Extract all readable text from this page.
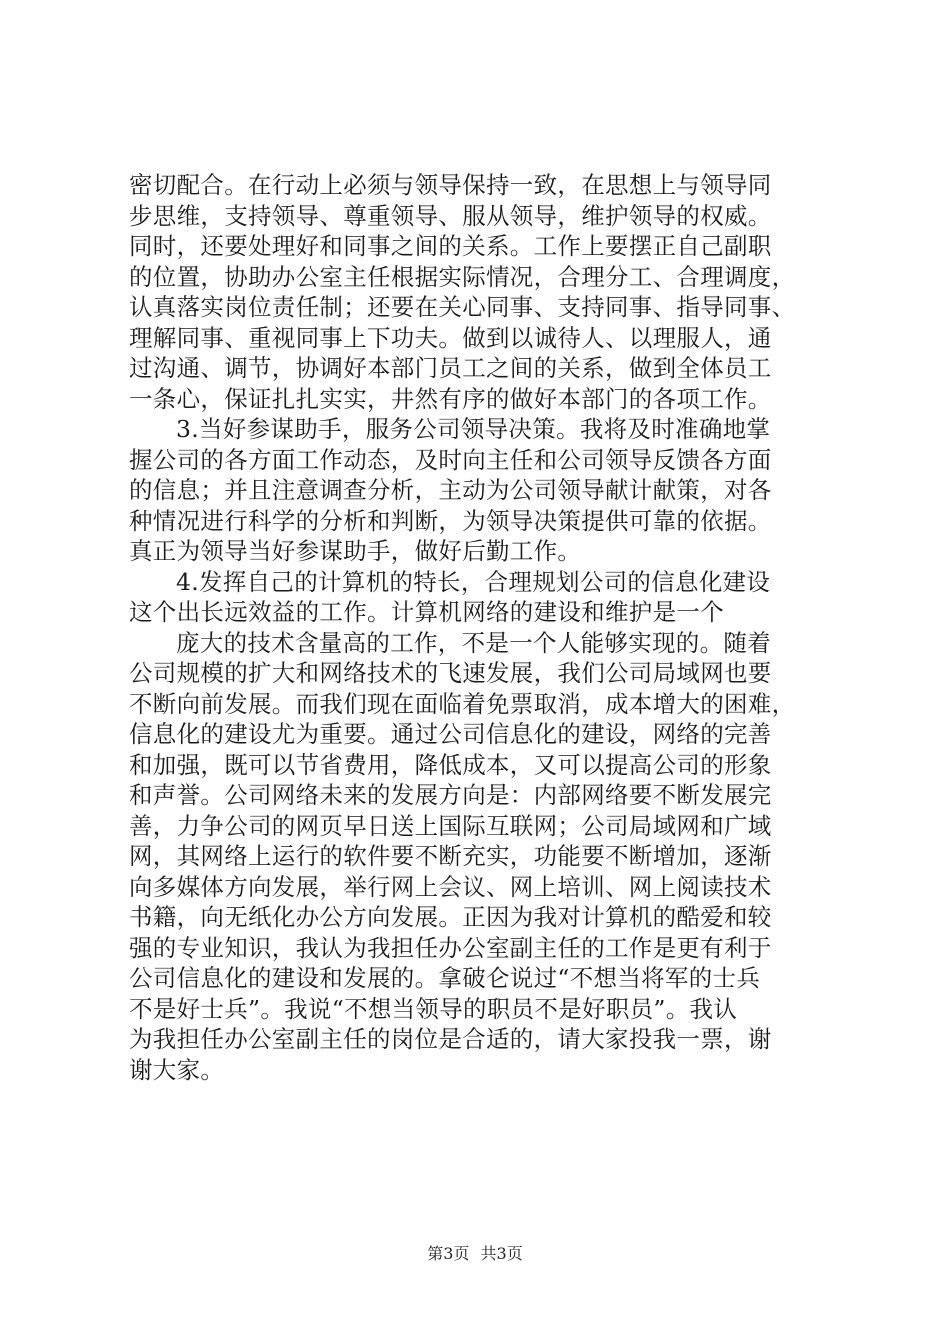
密切配合。在行动上必须与领导保持一致，在思想上与领导同
步思维，支持领导、尊重领导、服从领导，维护领导的权威。
同时，还要处理好和同事之间的关系。工作上要摆正自己副职
的位置，协助办公室主任根据实际情况，合理分工、合理调度，
认真落实岗位责任制；还要在关心同事、支持同事、指导同事、
理解同事、重视同事上下功夫。做到以诚待人、以理服人，通
过沟通、调节，协调好本部门员工之间的关系，做到全体员工
一条心，保证扎扎实实，井然有序的做好本部门的各项工作。
3.当好参谋助手，服务公司领导决策。我将及时准确地掌
握公司的各方面工作动态，及时向主任和公司领导反馈各方面
的信息；并且注意调查分析，主动为公司领导献计献策，对各
种情况进行科学的分析和判断，为领导决策提供可靠的依据。
真正为领导当好参谋助手，做好后勤工作。
4.发挥自己的计算机的特长，合理规划公司的信息化建设
这个出长远效益的工作。计算机网络的建设和维护是一个
庞大的技术含量高的工作，不是一个人能够实现的。随着
公司规模的扩大和网络技术的飞速发展，我们公司局域网也要
不断向前发展。而我们现在面临着免票取消，成本增大的困难，
信息化的建设尤为重要。通过公司信息化的建设，网络的完善
和加强，既可以节省费用，降低成本，又可以提高公司的形象
和声誉。公司网络未来的发展方向是：内部网络要不断发展完
善，力争公司的网页早日送上国际互联网；公司局域网和广域
网，其网络上运行的软件要不断充实，功能要不断增加，逐渐
向多媒体方向发展，举行网上会议、网上培训、网上阅读技术
书籍，向无纸化办公方向发展。正因为我对计算机的酷爱和较
强的专业知识，我认为我担任办公室副主任的工作是更有利于
公司信息化的建设和发展的。拿破仑说过“不想当将军的士兵
不是好士兵”。我说“不想当领导的职员不是好职员”。我认
为我担任办公室副主任的岗位是合适的，请大家投我一票，谢
谢大家。
第3页 共3页
